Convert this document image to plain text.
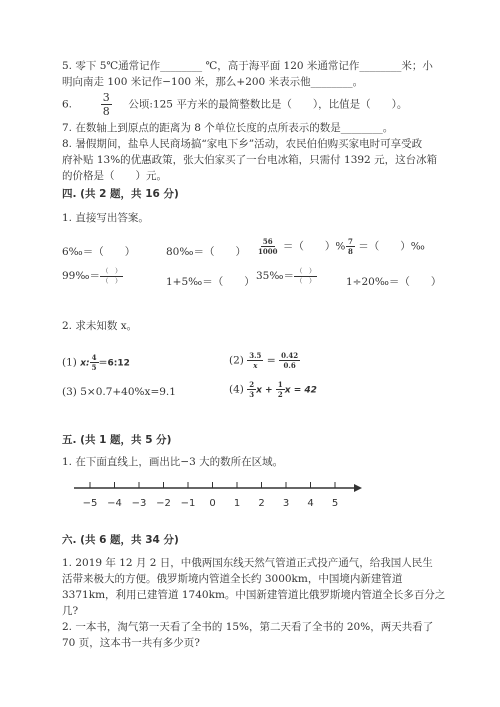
5. 零下 5℃通常记作________ ℃，高于海平面 120 米通常记作________米；小
明向南走 100 米记作−100 米，那么+200 米表示他________。
6.	$\frac{3}{8}$ 公顷:125 平方米的最简整数比是（　　），比值是（　　）。
7. 在数轴上到原点的距离为 8 个单位长度的点所表示的数是________。
8. 暑假期间，盐阜人民商场搞“家电下乡”活动，农民伯伯购买家电时可享受政
府补贴 13%的优惠政策，张大伯家买了一台电冰箱，只需付 1392 元，这台冰箱
的价格是（　　）元。
四. (共 2 题，共 16 分)
1. 直接写出答案。
6‰＝（　　）	80‰＝（　　） $\frac{56}{1000}$ ＝（　　）% $\frac{7}{8}$ ＝（　　）‰
99‰＝ $\frac{( )}{( )}$	1+5‰＝（　　） 35‰＝ $\frac{( )}{( )}$	1÷20‰＝（　　）
2. 求未知数 x。
(1) x: $\frac{4}{5}$ ＝6:12	$(2) \frac{3.5}{x} = \frac{0.42}{0.6}$
(3) 5×0.7+40%x=9.1	$(4) \frac{2}{3}$ $x + \frac{1}{2}$ x = 42
五. (共 1 题，共 5 分)
1. 在下面直线上，画出比−3 大的数所在区域。
−5 −4 −3 −2 −1 0 1 2 3 4 5
六. (共 6 题，共 34 分)
1. 2019 年 12 月 2 日，中俄两国东线天然气管道正式投产通气，给我国人民生
活带来极大的方便。俄罗斯境内管道全长约 3000km，中国境内新建管道
3371km，利用已建管道 1740km。中国新建管道比俄罗斯境内管道全长多百分之
几?
2. 一本书，淘气第一天看了全书的 15%，第二天看了全书的 20%，两天共看了
70 页，这本书一共有多少页?
